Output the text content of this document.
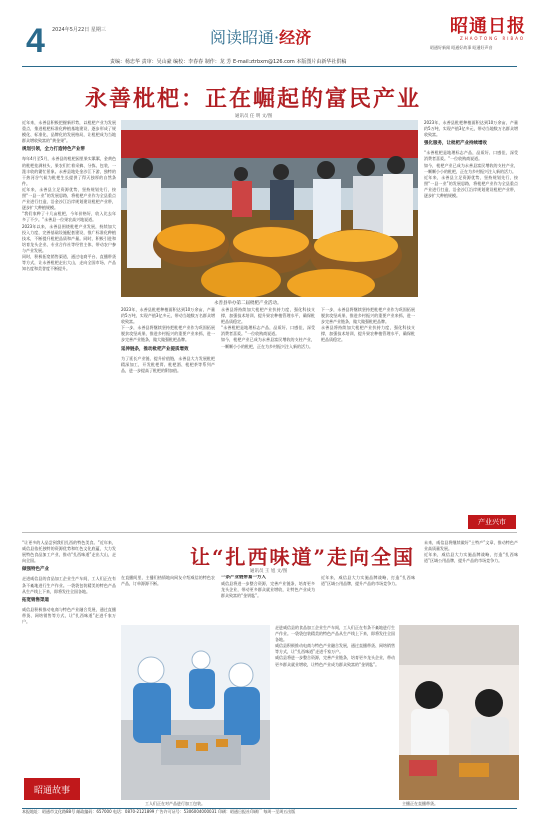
4 2024年5月22日 星期三	阅读昭通·经济
昭通日报
ZHAOTONG RIBAO
昭通好新闻 昭通好故事 昭通好声音
责编：杨忠华 责审：吴山豪 编校：李春春 制作：龙 芳 E-mail:ztrbxm@126.com 本版图片由新华社供稿
永善枇杷：正在崛起的富民产业
通讯员 任 明 文/图
近年来，永善县积极把握新形势，以枇杷产业为发展重点，推进枇杷标准化种植基地建设，逐步形成了规模化、标准化、品牌化的发展格局，让枇杷成为当地群众增收致富的“黄金果”。
规划引领，全力打造特色产业带
每年4月至5月，永善县的枇杷园里果实累累，金黄色的枇杷挂满枝头，果农们忙着采摘、分拣、包装，一派丰收的繁忙景象。永善县地处金沙江下游，独特的干热河谷气候为枇杷生长提供了得天独厚的自然条件。
近年来，永善县立足资源优势，坚持规划先行，按照“一县一业”的发展思路，将枇杷产业作为全县重点产业进行打造，沿金沙江沿岸规划建设枇杷产业带，逐步扩大种植规模。
“我们家种了十几亩枇杷，今年价格好，收入比去年多了不少。”永善县一位果农高兴地说道。
2023年以来，永善县围绕枇杷产业发展，持续加大投入力度，完善基础设施配套建设，推广标准化种植技术，不断提升枇杷品质和产量。同时，积极引进和培育龙头企业、专业合作社等经营主体，带动农户参与产业发展。
同时，积极拓宽销售渠道，通过电商平台、直播带货等方式，让永善枇杷走出大山，走向全国市场，产品知名度和美誉度不断提升。
永善县举办第二届枇杷产业活动。
2023年，永善县枇杷种植面积达到10万余亩，产量约5万吨，实现产值3亿多元，带动当地数万名群众增收致富。
下一步，永善县将继续坚持把枇杷产业作为巩固拓展脱贫攻坚成果、推进乡村振兴的重要产业来抓，进一步完善产业链条，做大做强枇杷品牌。
延伸链条，推动枇杷产业提质增效
为了延长产业链、提升价值链，永善县大力发展枇杷精深加工，开发枇杷膏、枇杷酒、枇杷茶等系列产品，进一步提高了枇杷的附加值。
永善县将持续加大枇杷产业扶持力度，强化科技支撑，加强技术培训，提升果农种植管理水平，确保枇杷品质稳定。
“永善枇杷是地理标志产品，品质好、口感佳，深受消费者喜爱。”一位收购商说道。
如今，枇杷产业已成为永善县富民增收的支柱产业，一颗颗小小的枇杷，正在为乡村振兴注入新的活力。
下一步，永善县将继续坚持把枇杷产业作为巩固拓展脱贫攻坚成果、推进乡村振兴的重要产业来抓，进一步完善产业链条，做大做强枇杷品牌。
永善县将持续加大枇杷产业扶持力度，强化科技支撑，加强技术培训，提升果农种植管理水平，确保枇杷品质稳定。
2023年，永善县枇杷种植面积达到10万余亩，产量约5万吨，实现产值3亿多元，带动当地数万名群众增收致富。
强化服务，让枇杷产业持续增收
“永善枇杷是地理标志产品，品质好、口感佳，深受消费者喜爱。”一位收购商说道。
如今，枇杷产业已成为永善县富民增收的支柱产业，一颗颗小小的枇杷，正在为乡村振兴注入新的活力。
近年来，永善县立足资源优势，坚持规划先行，按照“一县一业”的发展思路，将枇杷产业作为全县重点产业进行打造，沿金沙江沿岸规划建设枇杷产业带，逐步扩大种植规模。
产业兴市
让“扎西味道”走向全国
通讯员 王 旭 文/图
“让更多的人品尝到我们扎西的特色美食。”近年来，威信县依托独特的资源优势和红色文化底蕴，大力发展特色食品加工产业，推动“扎西味道”走出大山，走向全国。
做强特色产业
走进威信县的食品加工企业生产车间，工人们正在有条不紊地进行生产作业。一袋袋包装精美的特色产品从生产线上下来，即将发往全国各地。
拓宽销售渠道
威信县积极推动电商与特色产业融合发展，通过直播带货、网络销售等方式，让“扎西味道”走进千家万户。
在直播间里，主播们热情地向网友介绍威信的特色农产品，订单源源不断。
一条产业链带富一方人
威信县将进一步整合资源，完善产业链条，培育更多龙头企业，带动更多群众就业增收，让特色产业成为群众致富的“金钥匙”。
近年来，威信县大力实施品牌战略，打造“扎西味道”区域公用品牌，提升产品的市场竞争力。
未来，威信县将继续做好“土特产”文章，推动特色产业高质量发展。
近年来，威信县大力实施品牌战略，打造“扎西味道”区域公用品牌，提升产品的市场竞争力。
走进威信县的食品加工企业生产车间，工人们正在有条不紊地进行生产作业。一袋袋包装精美的特色产品从生产线上下来，即将发往全国各地。
威信县积极推动电商与特色产业融合发展，通过直播带货、网络销售等方式，让“扎西味道”走进千家万户。
威信县将进一步整合资源，完善产业链条，培育更多龙头企业，带动更多群众就业增收，让特色产业成为群众致富的“金钥匙”。
工人们正在对产品进行加工包装。	主播正在直播带货。
昭通故事
本报地址：昭通市文化路88号 邮政编码：657000 电话：0870-2121899 广告许可证号：5306004000031 印刷：昭通日报社印刷厂 每周一至周五出版
